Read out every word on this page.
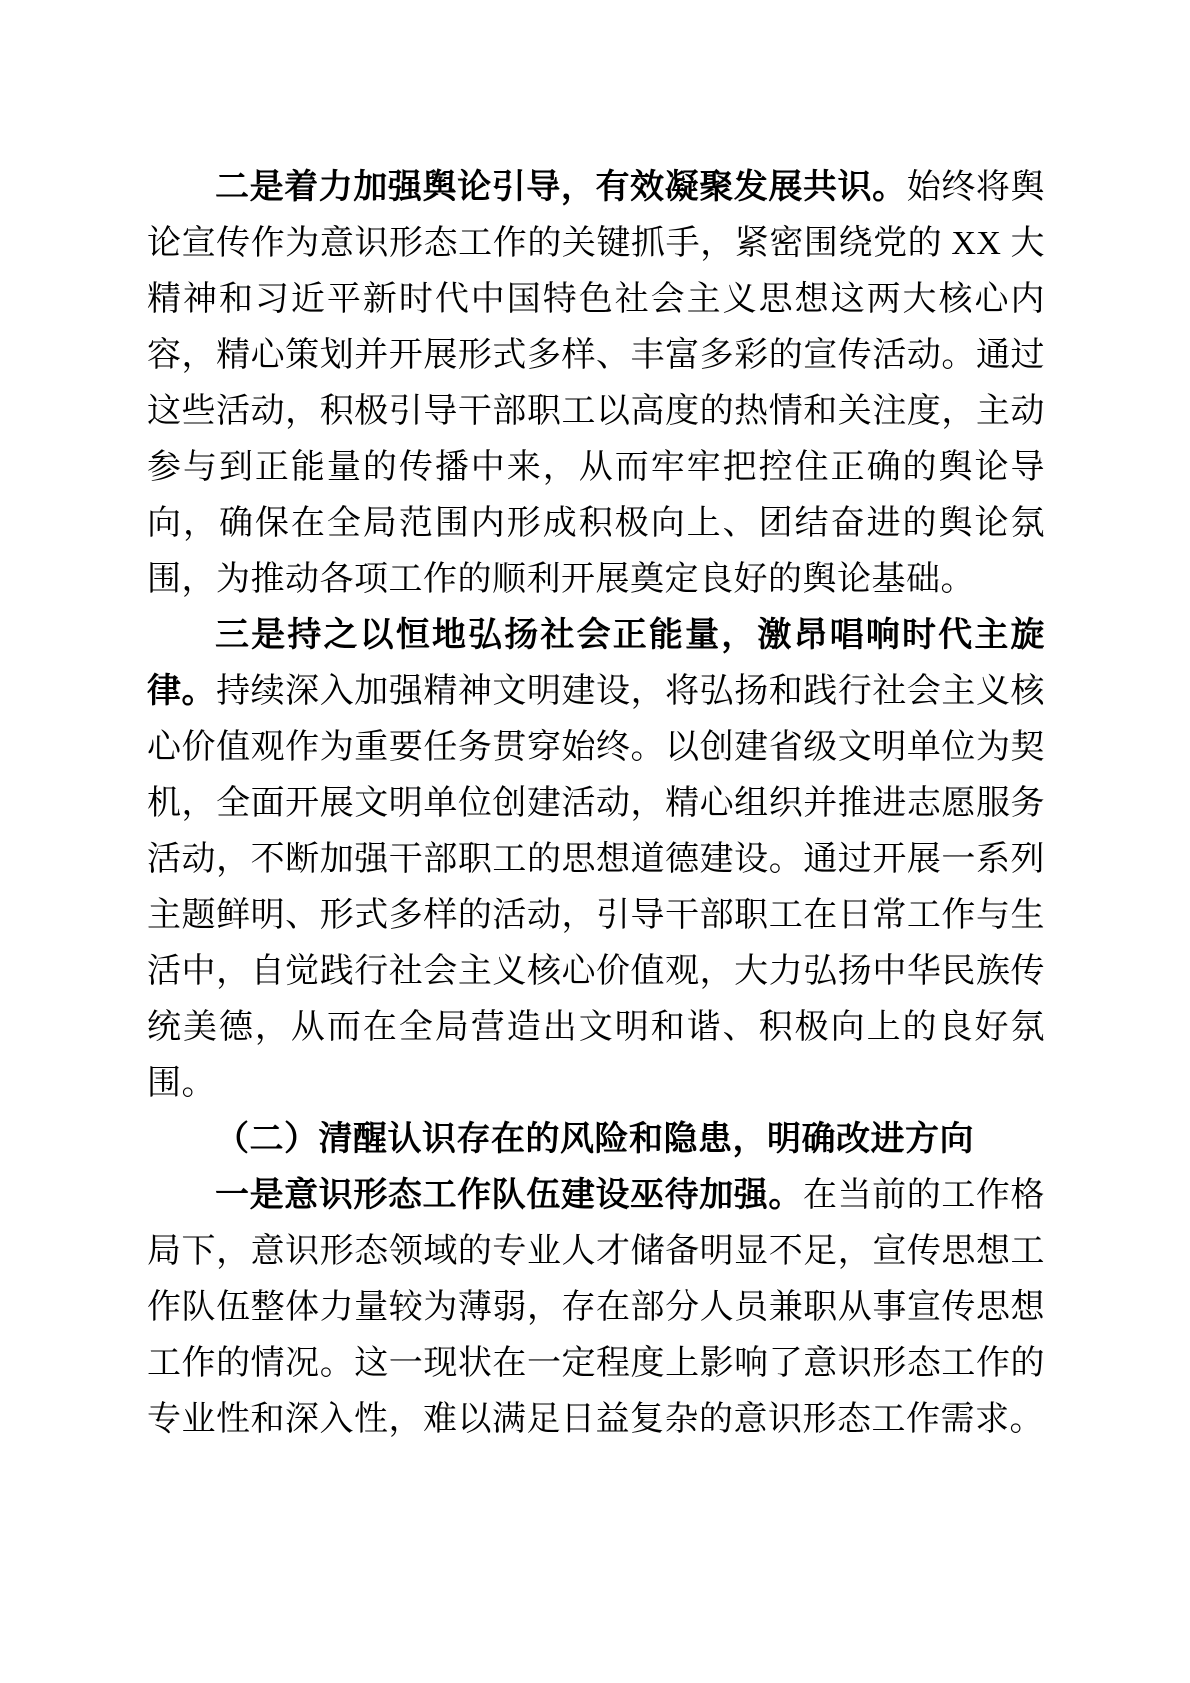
二是着力加强舆论引导，有效凝聚发展共识。始终将舆论宣传作为意识形态工作的关键抓手，紧密围绕党的 XX 大精神和习近平新时代中国特色社会主义思想这两大核心内容，精心策划并开展形式多样、丰富多彩的宣传活动。通过这些活动，积极引导干部职工以高度的热情和关注度，主动参与到正能量的传播中来，从而牢牢把控住正确的舆论导向，确保在全局范围内形成积极向上、团结奋进的舆论氛围，为推动各项工作的顺利开展奠定良好的舆论基础。

三是持之以恒地弘扬社会正能量，激昂唱响时代主旋律。持续深入加强精神文明建设，将弘扬和践行社会主义核心价值观作为重要任务贯穿始终。以创建省级文明单位为契机，全面开展文明单位创建活动，精心组织并推进志愿服务活动，不断加强干部职工的思想道德建设。通过开展一系列主题鲜明、形式多样的活动，引导干部职工在日常工作与生活中，自觉践行社会主义核心价值观，大力弘扬中华民族传统美德，从而在全局营造出文明和谐、积极向上的良好氛围。

（二）清醒认识存在的风险和隐患，明确改进方向

一是意识形态工作队伍建设巫待加强。在当前的工作格局下，意识形态领域的专业人才储备明显不足，宣传思想工作队伍整体力量较为薄弱，存在部分人员兼职从事宣传思想工作的情况。这一现状在一定程度上影响了意识形态工作的专业性和深入性，难以满足日益复杂的意识形态工作需求。
